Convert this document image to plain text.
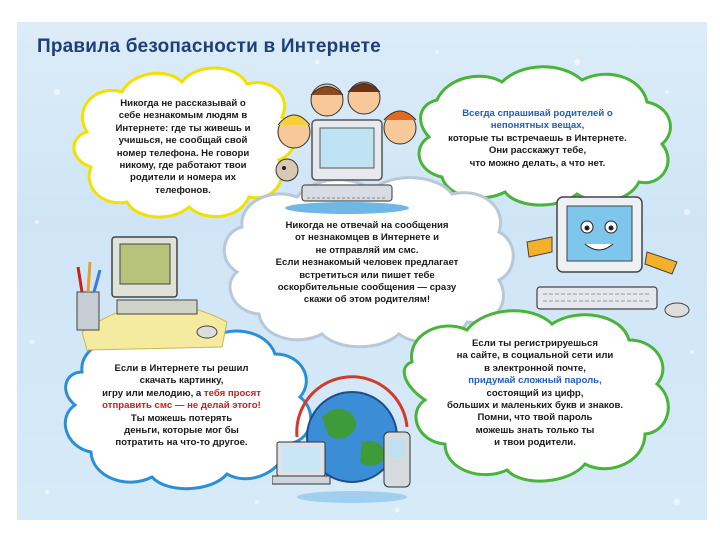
Правила безопасности в Интернете
Никогда не рассказывай о
себе незнакомым людям в
Интернете: где ты живешь и
учишься, не сообщай свой
номер телефона. Не говори
никому, где работают твои
родители и номера их
телефонов.
Всегда спрашивай родителей о
непонятных вещах,
которые ты встречаешь в Интернете.
Они расскажут тебе,
что можно делать, а что нет.
Никогда не отвечай на сообщения
от незнакомцев в Интернете и
не отправляй им смс.
Если незнакомый человек предлагает
встретиться или пишет тебе
оскорбительные сообщения — сразу
скажи об этом родителям!
Если в Интернете ты решил
скачать картинку,
игру или мелодию, а тебя просят
отправить смс — не делай этого!
Ты можешь потерять
деньги, которые мог бы
потратить на что-то другое.
Если ты регистрируешься
на сайте, в социальной сети или
в электронной почте,
придумай сложный пароль,
состоящий из цифр,
больших и маленьких букв и знаков.
Помни, что твой пароль
можешь знать только ты
и твои родители.
